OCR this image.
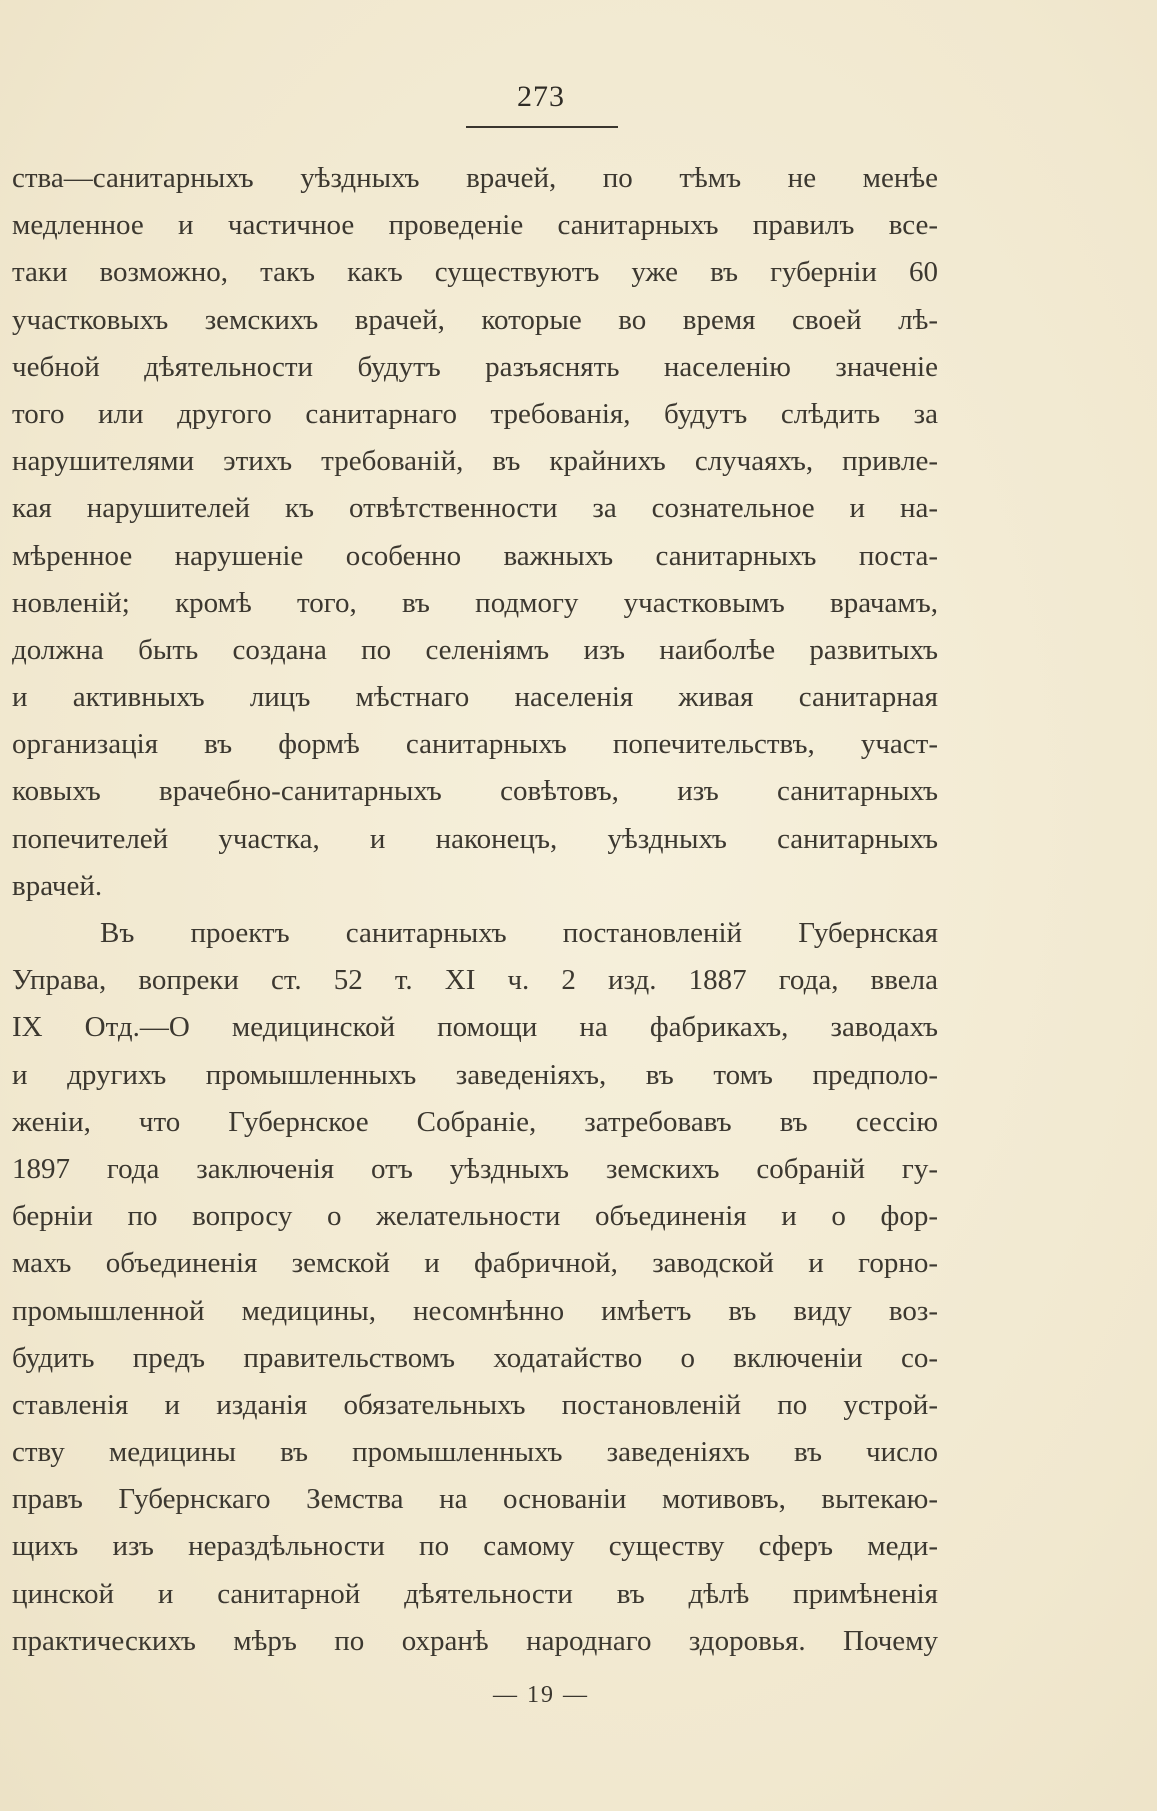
273
ства—санитарныхъ уѣздныхъ врачей, по тѣмъ не менѣе
медленное и частичное проведеніе санитарныхъ правилъ все-
таки возможно, такъ какъ существуютъ уже въ губерніи 60
участковыхъ земскихъ врачей, которые во время своей лѣ-
чебной дѣятельности будутъ разъяснять населенію значеніе
того или другого санитарнаго требованія, будутъ слѣдить за
нарушителями этихъ требованій, въ крайнихъ случаяхъ, привле-
кая нарушителей къ отвѣтственности за сознательное и на-
мѣренное нарушеніе особенно важныхъ санитарныхъ поста-
новленій; кромѣ того, въ подмогу участковымъ врачамъ,
должна быть создана по селеніямъ изъ наиболѣе развитыхъ
и активныхъ лицъ мѣстнаго населенія живая санитарная
организація въ формѣ санитарныхъ попечительствъ, участ-
ковыхъ врачебно-санитарныхъ совѣтовъ, изъ санитарныхъ
попечителей участка, и наконецъ, уѣздныхъ санитарныхъ
врачей.
Въ проектъ санитарныхъ постановленій Губернская
Управа, вопреки ст. 52 т. XI ч. 2 изд. 1887 года, ввела
IX Отд.—О медицинской помощи на фабрикахъ, заводахъ
и другихъ промышленныхъ заведеніяхъ, въ томъ предполо-
женіи, что Губернское Собраніе, затребовавъ въ сессію
1897 года заключенія отъ уѣздныхъ земскихъ собраній гу-
берніи по вопросу о желательности объединенія и о фор-
махъ объединенія земской и фабричной, заводской и горно-
промышленной медицины, несомнѣнно имѣетъ въ виду воз-
будить предъ правительствомъ ходатайство о включеніи со-
ставленія и изданія обязательныхъ постановленій по устрой-
ству медицины въ промышленныхъ заведеніяхъ въ число
правъ Губернскаго Земства на основаніи мотивовъ, вытекаю-
щихъ изъ нераздѣльности по самому существу сферъ меди-
цинской и санитарной дѣятельности въ дѣлѣ примѣненія
практическихъ мѣръ по охранѣ народнаго здоровья. Почему
— 19 —
